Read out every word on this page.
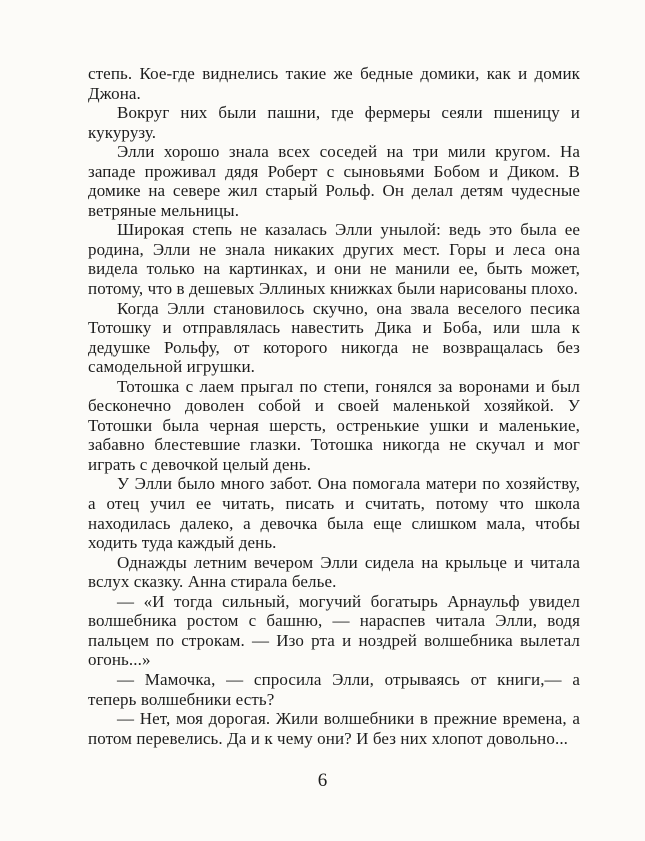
степь. Кое-где виднелись такие же бедные домики, как и домик Джона.

Вокруг них были пашни, где фермеры сеяли пшеницу и кукурузу.

Элли хорошо знала всех соседей на три мили кругом. На западе проживал дядя Роберт с сыновьями Бобом и Диком. В домике на севере жил старый Рольф. Он делал детям чудесные ветряные мельницы.

Широкая степь не казалась Элли унылой: ведь это была ее родина, Элли не знала никаких других мест. Горы и леса она видела только на картинках, и они не манили ее, быть может, потому, что в дешевых Эллиных книжках были нарисованы плохо.

Когда Элли становилось скучно, она звала веселого песика Тотошку и отправлялась навестить Дика и Боба, или шла к дедушке Рольфу, от которого никогда не возвращалась без самодельной игрушки.

Тотошка с лаем прыгал по степи, гонялся за воронами и был бесконечно доволен собой и своей маленькой хозяйкой. У Тотошки была черная шерсть, остренькие ушки и маленькие, забавно блестевшие глазки. Тотошка никогда не скучал и мог играть с девочкой целый день.

У Элли было много забот. Она помогала матери по хозяйству, а отец учил ее читать, писать и считать, потому что школа находилась далеко, а девочка была еще слишком мала, чтобы ходить туда каждый день.

Однажды летним вечером Элли сидела на крыльце и читала вслух сказку. Анна стирала белье.

— «И тогда сильный, могучий богатырь Арнаульф увидел волшебника ростом с башню, — нараспев читала Элли, водя пальцем по строкам. — Изо рта и ноздрей волшебника вылетал огонь...»

— Мамочка, — спросила Элли, отрываясь от книги,— а теперь волшебники есть?

— Нет, моя дорогая. Жили волшебники в прежние времена, а потом перевелись. Да и к чему они? И без них хлопот довольно...

6
